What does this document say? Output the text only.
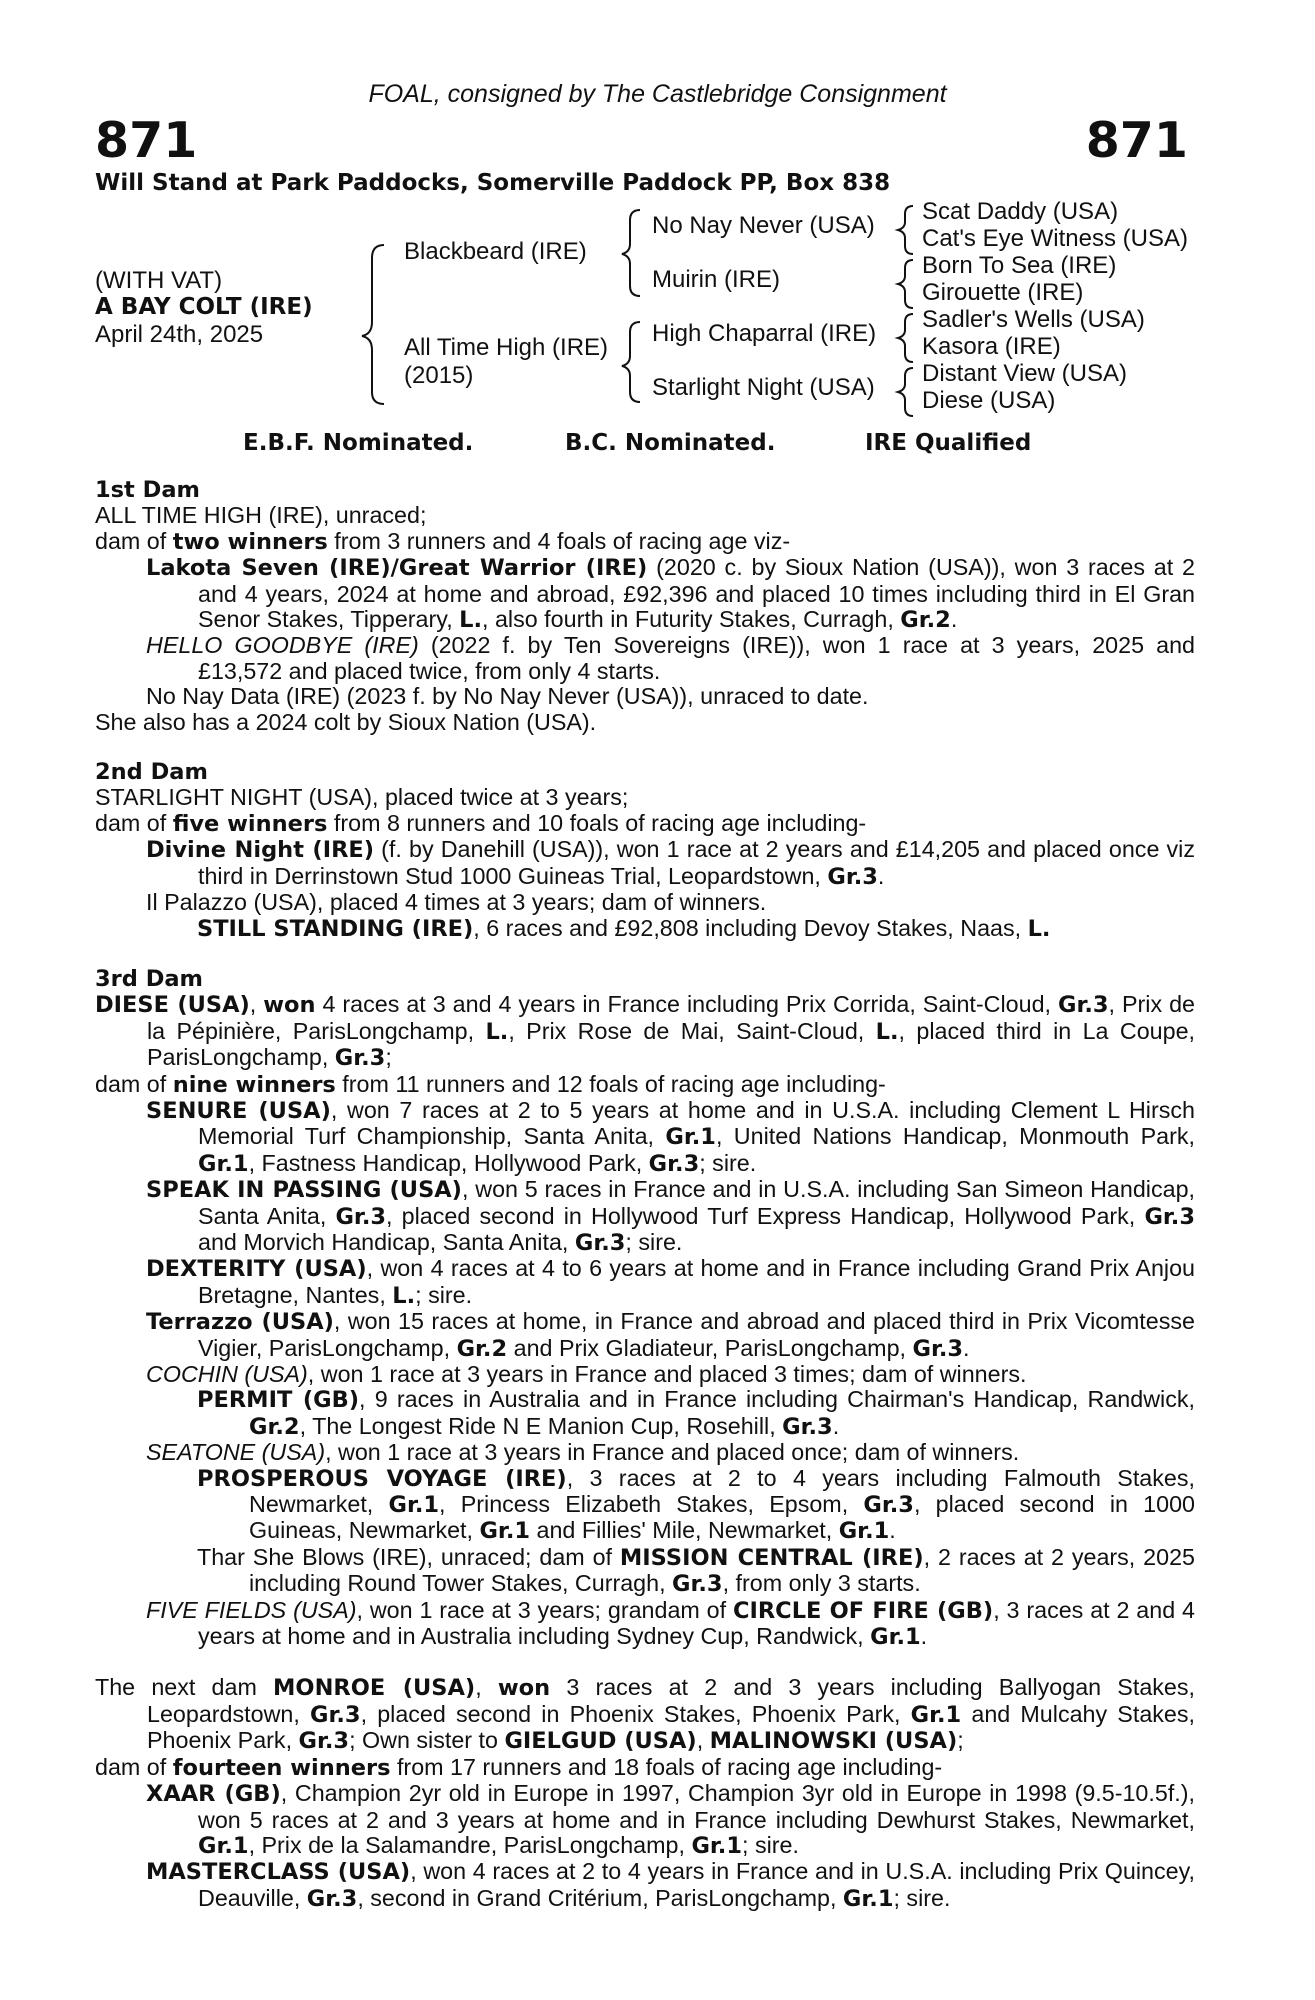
FOAL, consigned by The Castlebridge Consignment
871	871
Will Stand at Park Paddocks, Somerville Paddock PP, Box 838
(WITH VAT)
A BAY COLT (IRE)
April 24th, 2025
Blackbeard (IRE)
All Time High (IRE)
(2015)
No Nay Never (USA)
Muirin (IRE)
High Chaparral (IRE)
Starlight Night (USA)
Scat Daddy (USA)
Cat's Eye Witness (USA)
Born To Sea (IRE)
Girouette (IRE)
Sadler's Wells (USA)
Kasora (IRE)
Distant View (USA)
Diese (USA)
E.B.F. Nominated.	B.C. Nominated.	IRE Qualified
1st Dam
ALL TIME HIGH (IRE), unraced;
dam of two winners from 3 runners and 4 foals of racing age viz-
Lakota Seven (IRE)/Great Warrior (IRE) (2020 c. by Sioux Nation (USA)), won 3 races at 2 and 4 years, 2024 at home and abroad, £92,396 and placed 10 times including third in El Gran Senor Stakes, Tipperary, L., also fourth in Futurity Stakes, Curragh, Gr.2.
HELLO GOODBYE (IRE) (2022 f. by Ten Sovereigns (IRE)), won 1 race at 3 years, 2025 and £13,572 and placed twice, from only 4 starts.
No Nay Data (IRE) (2023 f. by No Nay Never (USA)), unraced to date.
She also has a 2024 colt by Sioux Nation (USA).
2nd Dam
STARLIGHT NIGHT (USA), placed twice at 3 years;
dam of five winners from 8 runners and 10 foals of racing age including-
Divine Night (IRE) (f. by Danehill (USA)), won 1 race at 2 years and £14,205 and placed once viz third in Derrinstown Stud 1000 Guineas Trial, Leopardstown, Gr.3.
Il Palazzo (USA), placed 4 times at 3 years; dam of winners.
STILL STANDING (IRE), 6 races and £92,808 including Devoy Stakes, Naas, L.
3rd Dam
DIESE (USA), won 4 races at 3 and 4 years in France including Prix Corrida, Saint-Cloud, Gr.3, Prix de la Pépinière, ParisLongchamp, L., Prix Rose de Mai, Saint-Cloud, L., placed third in La Coupe, ParisLongchamp, Gr.3;
dam of nine winners from 11 runners and 12 foals of racing age including-
SENURE (USA), won 7 races at 2 to 5 years at home and in U.S.A. including Clement L Hirsch Memorial Turf Championship, Santa Anita, Gr.1, United Nations Handicap, Monmouth Park, Gr.1, Fastness Handicap, Hollywood Park, Gr.3; sire.
SPEAK IN PASSING (USA), won 5 races in France and in U.S.A. including San Simeon Handicap, Santa Anita, Gr.3, placed second in Hollywood Turf Express Handicap, Hollywood Park, Gr.3 and Morvich Handicap, Santa Anita, Gr.3; sire.
DEXTERITY (USA), won 4 races at 4 to 6 years at home and in France including Grand Prix Anjou Bretagne, Nantes, L.; sire.
Terrazzo (USA), won 15 races at home, in France and abroad and placed third in Prix Vicomtesse Vigier, ParisLongchamp, Gr.2 and Prix Gladiateur, ParisLongchamp, Gr.3.
COCHIN (USA), won 1 race at 3 years in France and placed 3 times; dam of winners.
PERMIT (GB), 9 races in Australia and in France including Chairman's Handicap, Randwick, Gr.2, The Longest Ride N E Manion Cup, Rosehill, Gr.3.
SEATONE (USA), won 1 race at 3 years in France and placed once; dam of winners.
PROSPEROUS VOYAGE (IRE), 3 races at 2 to 4 years including Falmouth Stakes, Newmarket, Gr.1, Princess Elizabeth Stakes, Epsom, Gr.3, placed second in 1000 Guineas, Newmarket, Gr.1 and Fillies' Mile, Newmarket, Gr.1.
Thar She Blows (IRE), unraced; dam of MISSION CENTRAL (IRE), 2 races at 2 years, 2025 including Round Tower Stakes, Curragh, Gr.3, from only 3 starts.
FIVE FIELDS (USA), won 1 race at 3 years; grandam of CIRCLE OF FIRE (GB), 3 races at 2 and 4 years at home and in Australia including Sydney Cup, Randwick, Gr.1.
The next dam MONROE (USA), won 3 races at 2 and 3 years including Ballyogan Stakes, Leopardstown, Gr.3, placed second in Phoenix Stakes, Phoenix Park, Gr.1 and Mulcahy Stakes, Phoenix Park, Gr.3; Own sister to GIELGUD (USA), MALINOWSKI (USA);
dam of fourteen winners from 17 runners and 18 foals of racing age including-
XAAR (GB), Champion 2yr old in Europe in 1997, Champion 3yr old in Europe in 1998 (9.5-10.5f.), won 5 races at 2 and 3 years at home and in France including Dewhurst Stakes, Newmarket, Gr.1, Prix de la Salamandre, ParisLongchamp, Gr.1; sire.
MASTERCLASS (USA), won 4 races at 2 to 4 years in France and in U.S.A. including Prix Quincey, Deauville, Gr.3, second in Grand Critérium, ParisLongchamp, Gr.1; sire.
